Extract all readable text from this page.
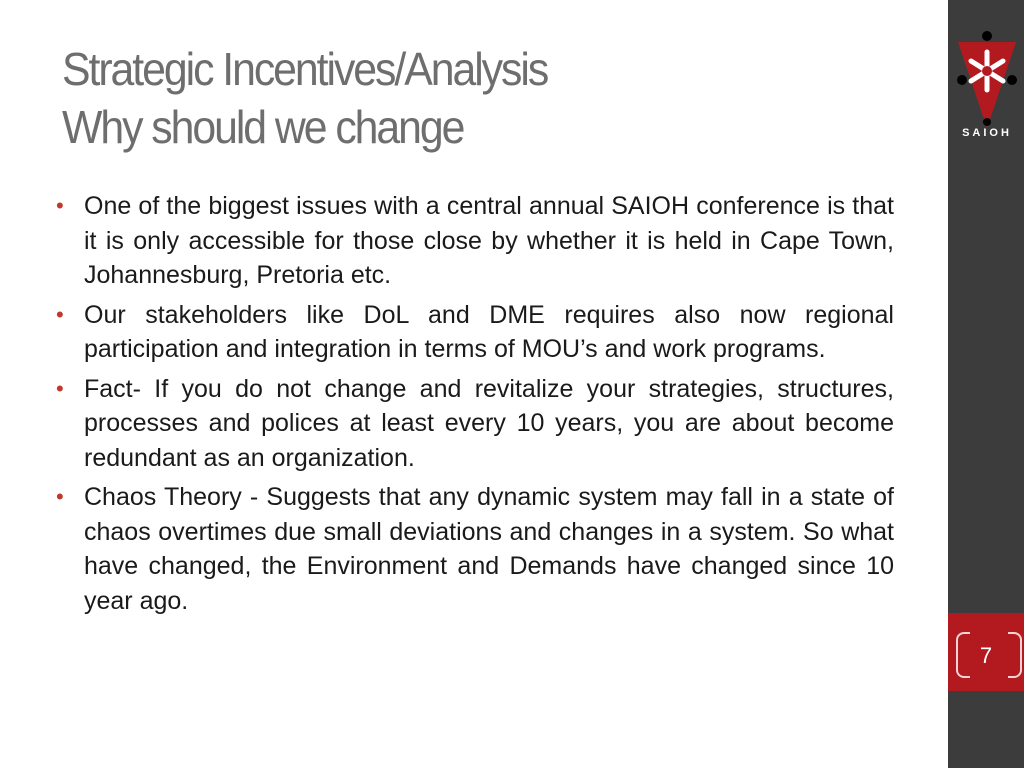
Strategic Incentives/Analysis
Why should we change
• One of the biggest issues with a central annual SAIOH conference is that it is only accessible for those close by whether it is held in Cape Town, Johannesburg, Pretoria etc.
• Our stakeholders like DoL and DME requires also now regional participation and integration in terms of MOU’s and work programs.
• Fact- If you do not change and revitalize your strategies, structures, processes and polices at least every 10 years, you are about become redundant as an organization.
• Chaos Theory - Suggests that any dynamic system may fall in a state of chaos overtimes due small deviations and changes in a system. So what have changed, the Environment and Demands have changed since 10 year ago.
SAIOH
7
